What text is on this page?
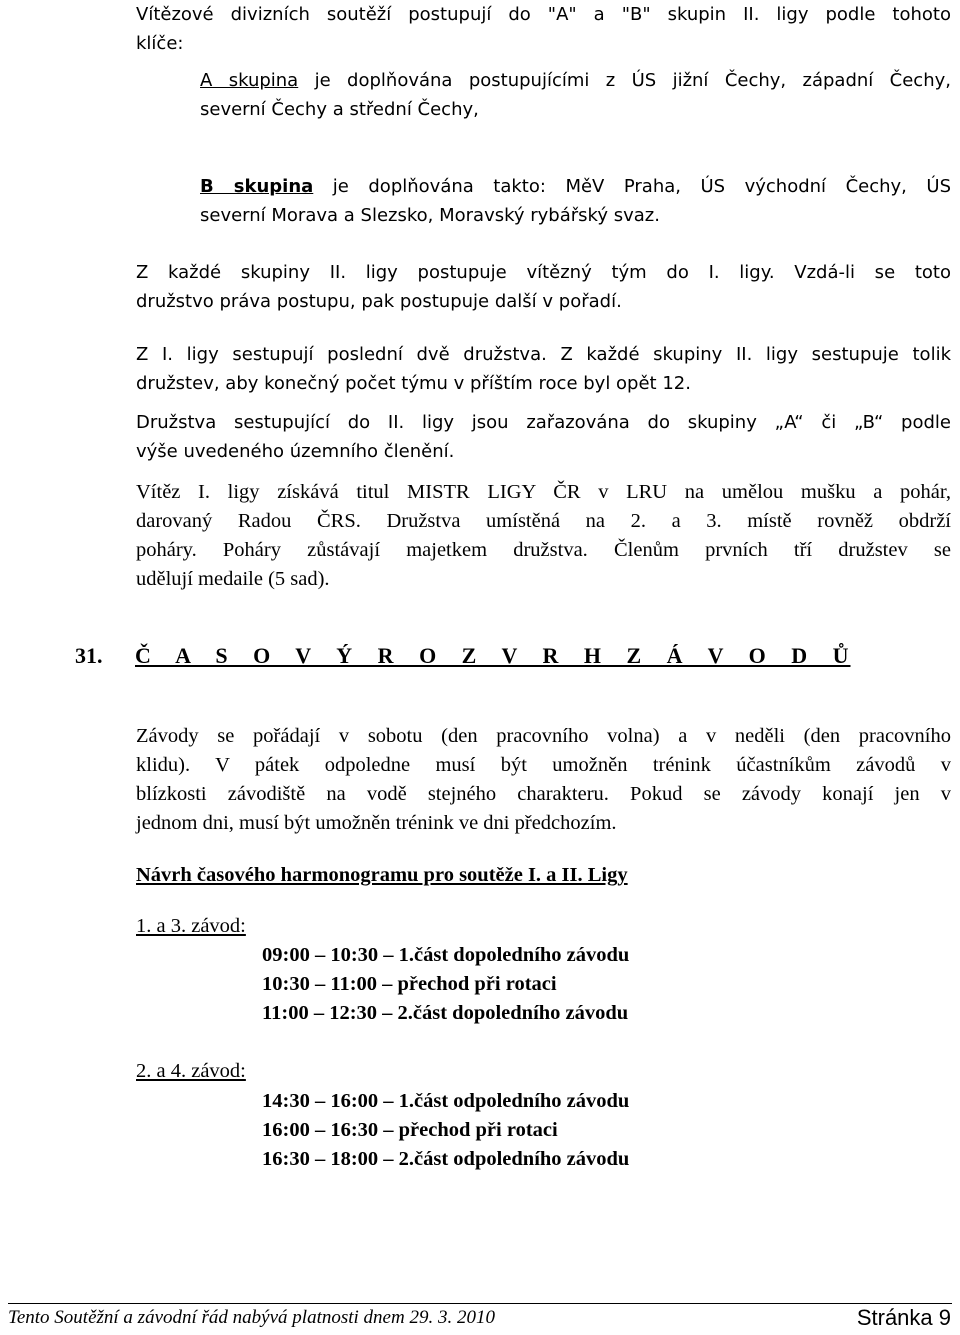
Vítězové divizních soutěží postupují do "A" a "B" skupin II. ligy podle tohoto
klíče:
A skupina je doplňována postupujícími z ÚS jižní Čechy, západní Čechy,
severní Čechy a střední Čechy,
B skupina je doplňována takto: MěV Praha, ÚS východní Čechy, ÚS
severní Morava a Slezsko, Moravský rybářský svaz.
Z každé skupiny II. ligy postupuje vítězný tým do I. ligy. Vzdá-li se toto
družstvo práva postupu, pak postupuje další v pořadí.
Z I. ligy sestupují poslední dvě družstva. Z každé skupiny II. ligy sestupuje tolik
družstev, aby konečný počet týmu v příštím roce byl opět 12.
Družstva sestupující do II. ligy jsou zařazována do skupiny „A“ či „B“ podle
výše uvedeného územního členění.
Vítěz I. ligy získává titul MISTR LIGY ČR v LRU na umělou mušku a pohár,
darovaný Radou ČRS. Družstva umístěná na 2. a 3. místě rovněž obdrží
poháry. Poháry zůstávají majetkem družstva. Členům prvních tří družstev se
udělují medaile (5 sad).
31. Č A S O V Ý R O Z V R H Z Á V O D Ů
Závody se pořádají v sobotu (den pracovního volna) a v neděli (den pracovního
klidu). V pátek odpoledne musí být umožněn trénink účastníkům závodů v
blízkosti závodiště na vodě stejného charakteru. Pokud se závody konají jen v
jednom dni, musí být umožněn trénink ve dni předchozím.
Návrh časového harmonogramu pro soutěže I. a II. Ligy
1. a 3. závod:
09:00 – 10:30 – 1.část dopoledního závodu
10:30 – 11:00 – přechod při rotaci
11:00 – 12:30 – 2.část dopoledního závodu
2. a 4. závod:
14:30 – 16:00 – 1.část odpoledního závodu
16:00 – 16:30 – přechod při rotaci
16:30 – 18:00 – 2.část odpoledního závodu
Tento Soutěžní a závodní řád nabývá platnosti dnem 29. 3. 2010	Stránka 9
